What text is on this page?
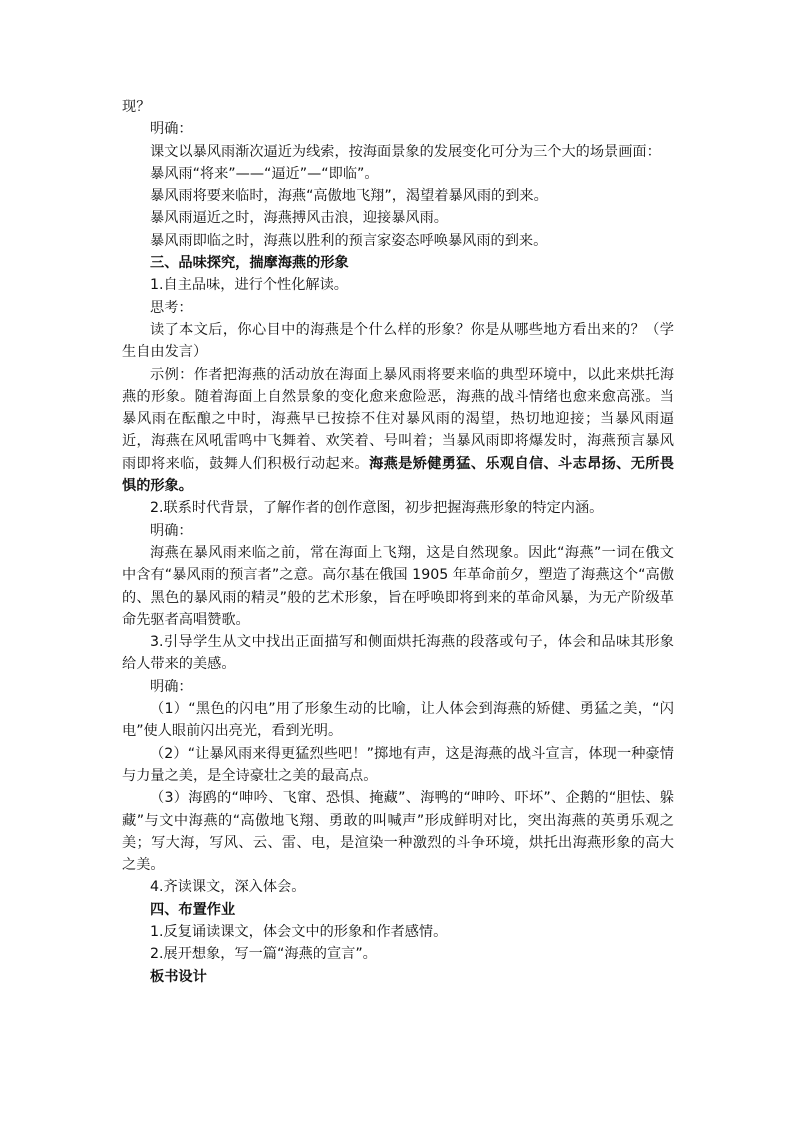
现？

明确：

课文以暴风雨渐次逼近为线索，按海面景象的发展变化可分为三个大的场景画面：

暴风雨“将来”——“逼近”—“即临”。

暴风雨将要来临时，海燕“高傲地飞翔”，渴望着暴风雨的到来。

暴风雨逼近之时，海燕搏风击浪，迎接暴风雨。

暴风雨即临之时，海燕以胜利的预言家姿态呼唤暴风雨的到来。

三、品味探究，揣摩海燕的形象

1.自主品味，进行个性化解读。

思考：

读了本文后，你心目中的海燕是个什么样的形象？你是从哪些地方看出来的？（学生自由发言）

示例：作者把海燕的活动放在海面上暴风雨将要来临的典型环境中，以此来烘托海燕的形象。随着海面上自然景象的变化愈来愈险恶，海燕的战斗情绪也愈来愈高涨。当暴风雨在酝酿之中时，海燕早已按捺不住对暴风雨的渴望，热切地迎接；当暴风雨逼近，海燕在风吼雷鸣中飞舞着、欢笑着、号叫着；当暴风雨即将爆发时，海燕预言暴风雨即将来临，鼓舞人们积极行动起来。海燕是矫健勇猛、乐观自信、斗志昂扬、无所畏惧的形象。

2.联系时代背景，了解作者的创作意图，初步把握海燕形象的特定内涵。

明确：

海燕在暴风雨来临之前，常在海面上飞翔，这是自然现象。因此“海燕”一词在俄文中含有“暴风雨的预言者”之意。高尔基在俄国 1905 年革命前夕，塑造了海燕这个“高傲的、黑色的暴风雨的精灵”般的艺术形象，旨在呼唤即将到来的革命风暴，为无产阶级革命先驱者高唱赞歌。

3.引导学生从文中找出正面描写和侧面烘托海燕的段落或句子，体会和品味其形象给人带来的美感。

明确：

（1）“黑色的闪电”用了形象生动的比喻，让人体会到海燕的矫健、勇猛之美，“闪电”使人眼前闪出亮光，看到光明。

（2）“让暴风雨来得更猛烈些吧！”掷地有声，这是海燕的战斗宣言，体现一种豪情与力量之美，是全诗豪壮之美的最高点。

（3）海鸥的“呻吟、飞窜、恐惧、掩藏”、海鸭的“呻吟、吓坏”、企鹅的“胆怯、躲藏”与文中海燕的“高傲地飞翔、勇敢的叫喊声”形成鲜明对比，突出海燕的英勇乐观之美；写大海，写风、云、雷、电，是渲染一种激烈的斗争环境，烘托出海燕形象的高大之美。

4.齐读课文，深入体会。

四、布置作业

1.反复诵读课文，体会文中的形象和作者感情。

2.展开想象，写一篇“海燕的宣言”。

板书设计
